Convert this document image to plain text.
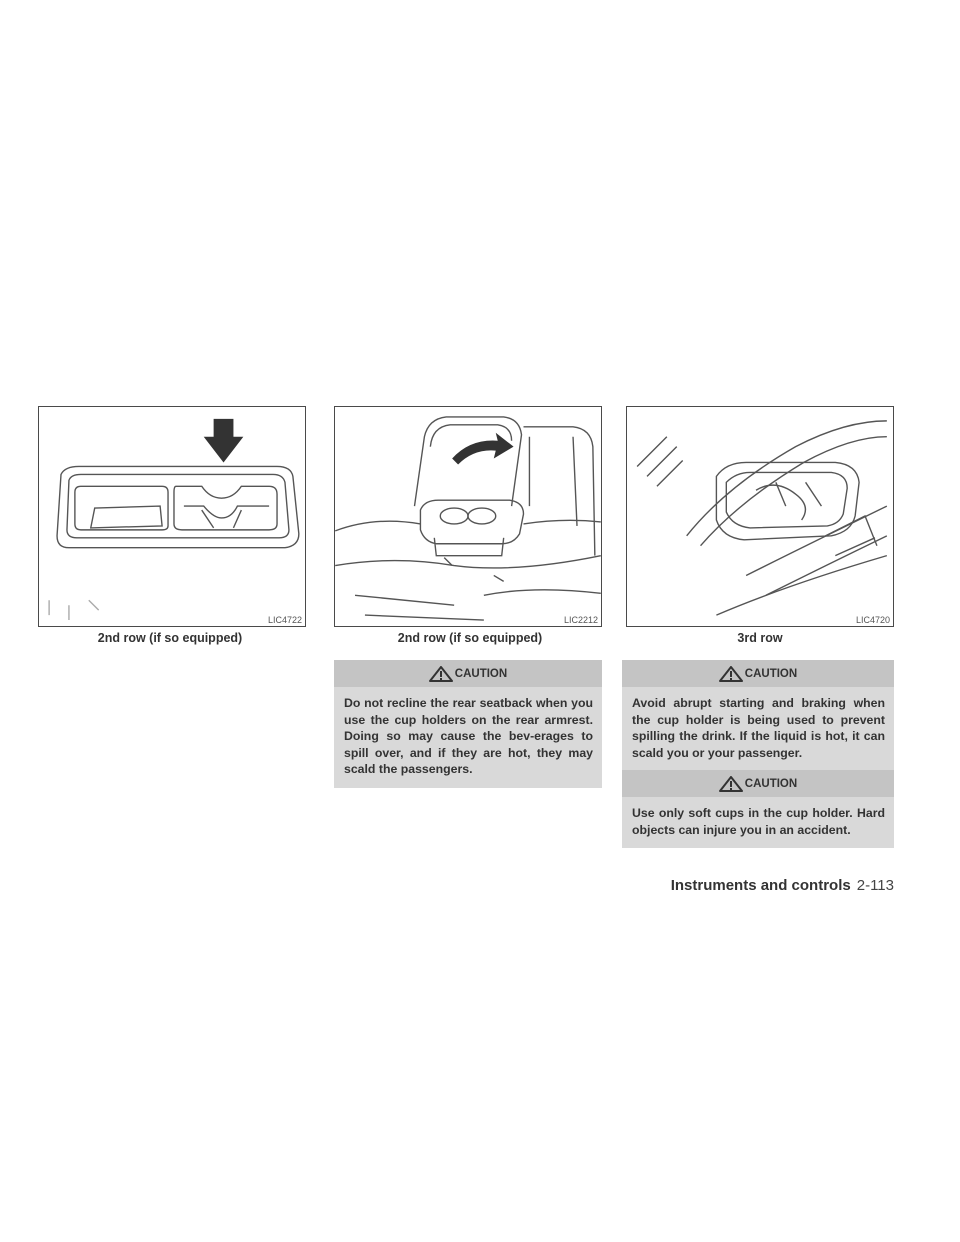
LIC4722
2nd row (if so equipped)
LIC2212
2nd row (if so equipped)
LIC4720
3rd row
CAUTION
Do not recline the rear seatback when you use the cup holders on the rear armrest. Doing so may cause the bev-erages to spill over, and if they are hot, they may scald the passengers.
CAUTION
Avoid abrupt starting and braking when the cup holder is being used to prevent spilling the drink. If the liquid is hot, it can scald you or your passenger.
CAUTION
Use only soft cups in the cup holder. Hard objects can injure you in an accident.
Instruments and controls 2-113
